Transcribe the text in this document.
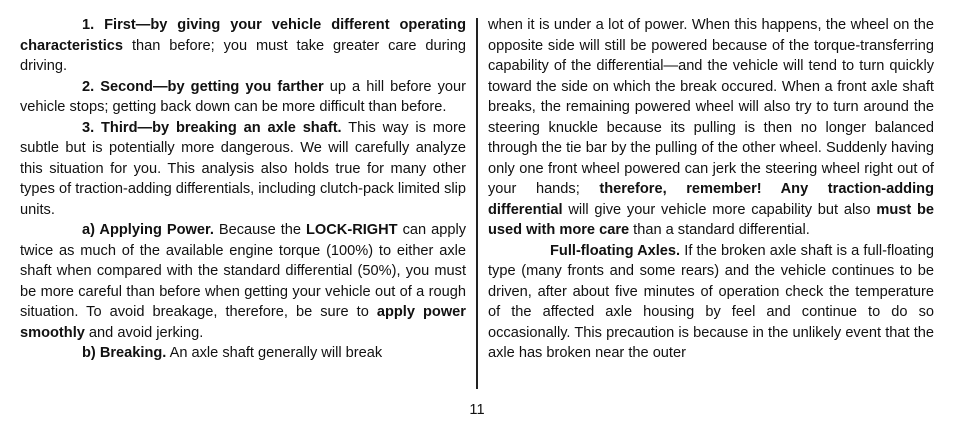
1. First—by giving your vehicle different operating characteristics than before; you must take greater care during driving.

2. Second—by getting you farther up a hill before your vehicle stops; getting back down can be more difficult than before.

3. Third—by breaking an axle shaft. This way is more subtle but is potentially more dangerous. We will carefully analyze this situation for you. This analysis also holds true for many other types of traction-adding differentials, including clutch-pack limited slip units.

a) Applying Power. Because the LOCK-RIGHT can apply twice as much of the available engine torque (100%) to either axle shaft when compared with the standard differential (50%), you must be more careful than before when getting your vehicle out of a rough situation. To avoid breakage, therefore, be sure to apply power smoothly and avoid jerking.

b) Breaking. An axle shaft generally will break

when it is under a lot of power. When this happens, the wheel on the opposite side will still be powered because of the torque-transferring capability of the differential—and the vehicle will tend to turn quickly toward the side on which the break occured. When a front axle shaft breaks, the remaining powered wheel will also try to turn around the steering knuckle because its pulling is then no longer balanced through the tie bar by the pulling of the other wheel. Suddenly having only one front wheel powered can jerk the steering wheel right out of your hands; therefore, remember! Any traction-adding differential will give your vehicle more capability but also must be used with more care than a standard differential.

Full-floating Axles. If the broken axle shaft is a full-floating type (many fronts and some rears) and the vehicle continues to be driven, after about five minutes of operation check the temperature of the affected axle housing by feel and continue to do so occasionally. This precaution is because in the unlikely event that the axle has broken near the outer

11
